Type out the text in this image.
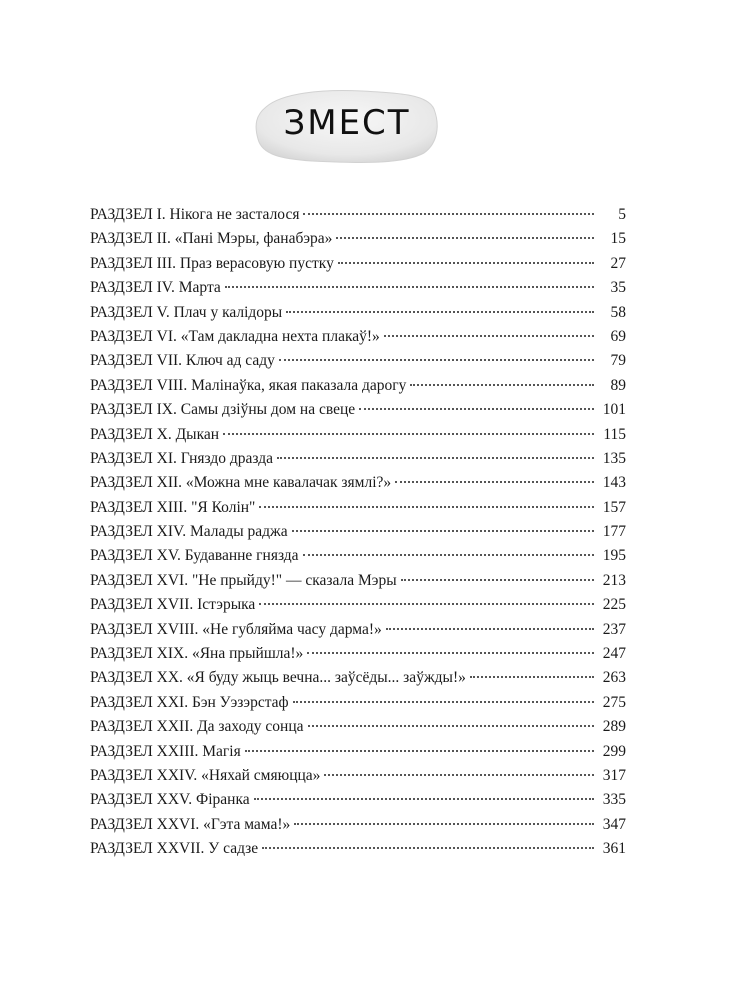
ЗМЕСТ
РАЗДЗЕЛ I. Нікога не засталося	5
РАЗДЗЕЛ II. «Пані Мэры, фанабэра»	15
РАЗДЗЕЛ III. Праз верасовую пустку	27
РАЗДЗЕЛ IV. Марта	35
РАЗДЗЕЛ V. Плач у калідоры	58
РАЗДЗЕЛ VI. «Там дакладна нехта плакаў!»	69
РАЗДЗЕЛ VII. Ключ ад саду	79
РАЗДЗЕЛ VIII. Малінаўка, якая паказала дарогу	89
РАЗДЗЕЛ IX. Самы дзіўны дом на свеце	101
РАЗДЗЕЛ X. Дыкан	115
РАЗДЗЕЛ XI. Гняздо дразда	135
РАЗДЗЕЛ XII. «Можна мне кавалачак зямлі?»	143
РАЗДЗЕЛ XIII. "Я Колін"	157
РАЗДЗЕЛ XIV. Малады раджа	177
РАЗДЗЕЛ XV. Будаванне гнязда	195
РАЗДЗЕЛ XVI. "Не прыйду!" — сказала Мэры	213
РАЗДЗЕЛ XVII. Істэрыка	225
РАЗДЗЕЛ XVIII. «Не губляйма часу дарма!»	237
РАЗДЗЕЛ XIX. «Яна прыйшла!»	247
РАЗДЗЕЛ XX. «Я буду жыць вечна... заўсёды... заўжды!»	263
РАЗДЗЕЛ XXI. Бэн Уэзэрстаф	275
РАЗДЗЕЛ XXII. Да заходу сонца	289
РАЗДЗЕЛ XXIII. Магія	299
РАЗДЗЕЛ XXIV. «Няхай смяюцца»	317
РАЗДЗЕЛ XXV. Фіранка	335
РАЗДЗЕЛ XXVI. «Гэта мама!»	347
РАЗДЗЕЛ XXVII. У садзе	361
